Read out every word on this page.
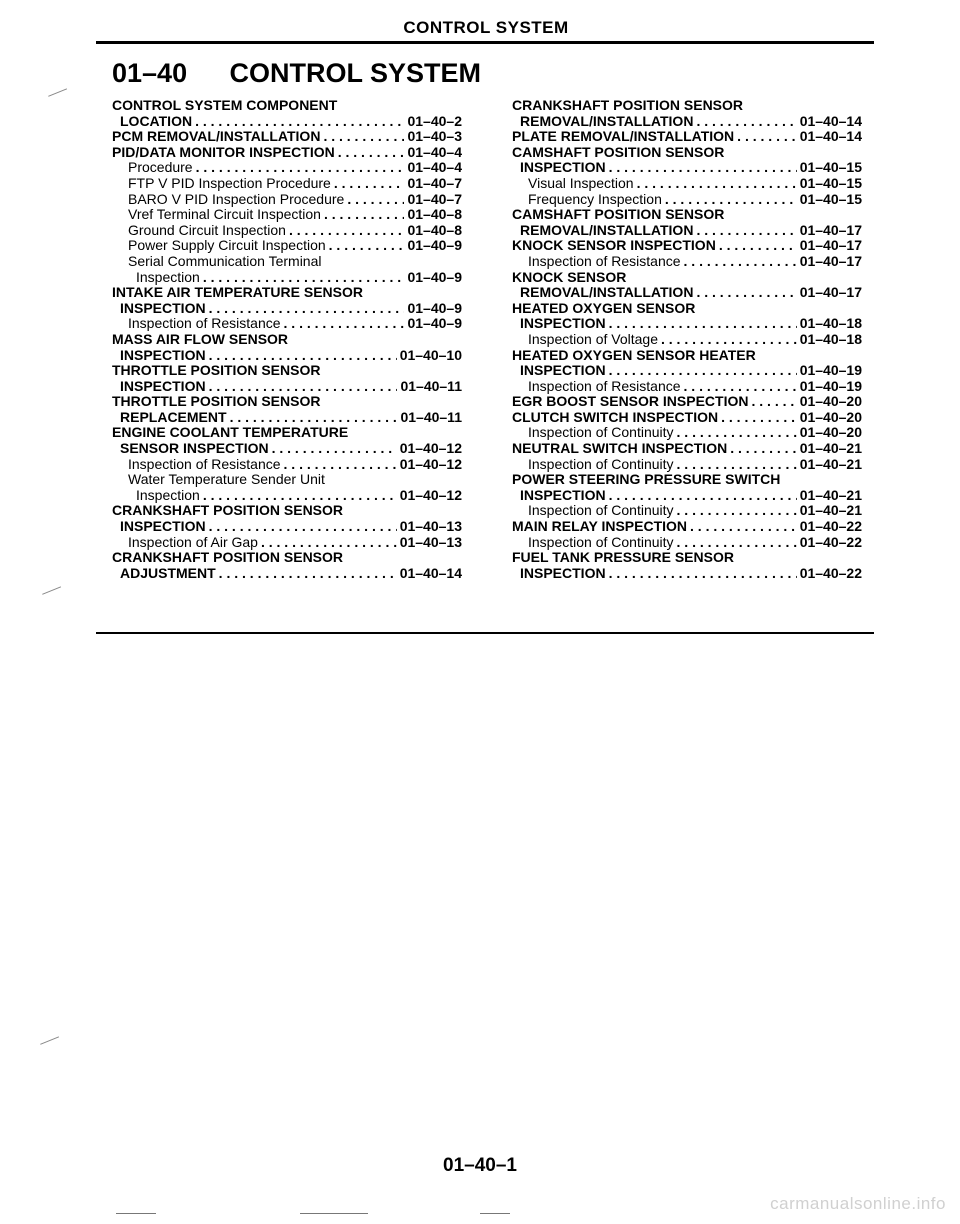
CONTROL SYSTEM
01–40 CONTROL SYSTEM
CONTROL SYSTEM COMPONENT
LOCATION . . .	01–40–2
PCM REMOVAL/INSTALLATION . . .	01–40–3
PID/DATA MONITOR INSPECTION . . .	01–40–4
Procedure . . .	01–40–4
FTP V PID Inspection Procedure . . .	01–40–7
BARO V PID Inspection Procedure . . .	01–40–7
Vref Terminal Circuit Inspection . . .	01–40–8
Ground Circuit Inspection . . .	01–40–8
Power Supply Circuit Inspection . . .	01–40–9
Serial Communication Terminal
Inspection . . .	01–40–9
INTAKE AIR TEMPERATURE SENSOR
INSPECTION . . .	01–40–9
Inspection of Resistance . . .	01–40–9
MASS AIR FLOW SENSOR
INSPECTION . . .	01–40–10
THROTTLE POSITION SENSOR
INSPECTION . . .	01–40–11
THROTTLE POSITION SENSOR
REPLACEMENT . . .	01–40–11
ENGINE COOLANT TEMPERATURE
SENSOR INSPECTION . . .	01–40–12
Inspection of Resistance . . .	01–40–12
Water Temperature Sender Unit
Inspection . . .	01–40–12
CRANKSHAFT POSITION SENSOR
INSPECTION . . .	01–40–13
Inspection of Air Gap . . .	01–40–13
CRANKSHAFT POSITION SENSOR
ADJUSTMENT . . .	01–40–14
CRANKSHAFT POSITION SENSOR
REMOVAL/INSTALLATION . . .	01–40–14
PLATE REMOVAL/INSTALLATION . . .	01–40–14
CAMSHAFT POSITION SENSOR
INSPECTION . . .	01–40–15
Visual Inspection . . .	01–40–15
Frequency Inspection . . .	01–40–15
CAMSHAFT POSITION SENSOR
REMOVAL/INSTALLATION . . .	01–40–17
KNOCK SENSOR INSPECTION . . .	01–40–17
Inspection of Resistance . . .	01–40–17
KNOCK SENSOR
REMOVAL/INSTALLATION . . .	01–40–17
HEATED OXYGEN SENSOR
INSPECTION . . .	01–40–18
Inspection of Voltage . . .	01–40–18
HEATED OXYGEN SENSOR HEATER
INSPECTION . . .	01–40–19
Inspection of Resistance . . .	01–40–19
EGR BOOST SENSOR INSPECTION . . .	01–40–20
CLUTCH SWITCH INSPECTION . . .	01–40–20
Inspection of Continuity . . .	01–40–20
NEUTRAL SWITCH INSPECTION . . .	01–40–21
Inspection of Continuity . . .	01–40–21
POWER STEERING PRESSURE SWITCH
INSPECTION . . .	01–40–21
Inspection of Continuity . . .	01–40–21
MAIN RELAY INSPECTION . . .	01–40–22
Inspection of Continuity . . .	01–40–22
FUEL TANK PRESSURE SENSOR
INSPECTION . . .	01–40–22
01–40–1
carmanualsonline.info
